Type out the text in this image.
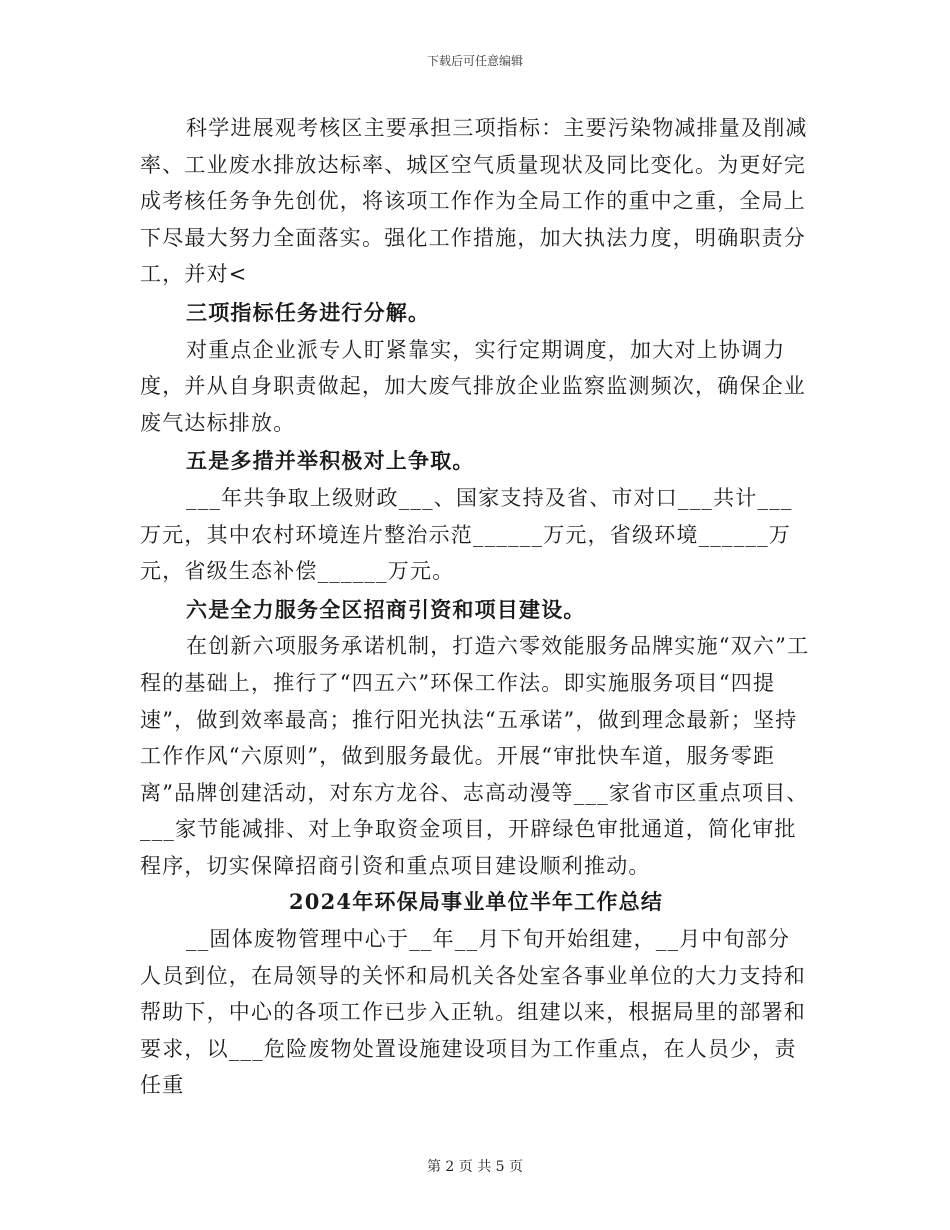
下载后可任意编辑

科学进展观考核区主要承担三项指标：主要污染物减排量及削减率、工业废水排放达标率、城区空气质量现状及同比变化。为更好完成考核任务争先创优，将该项工作作为全局工作的重中之重，全局上下尽最大努力全面落实。强化工作措施，加大执法力度，明确职责分工，并对<

三项指标任务进行分解。

对重点企业派专人盯紧靠实，实行定期调度，加大对上协调力度，并从自身职责做起，加大废气排放企业监察监测频次，确保企业废气达标排放。

五是多措并举积极对上争取。

___年共争取上级财政___、国家支持及省、市对口___共计___万元，其中农村环境连片整治示范______万元，省级环境______万元，省级生态补偿______万元。

六是全力服务全区招商引资和项目建设。

在创新六项服务承诺机制，打造六零效能服务品牌实施“双六”工程的基础上，推行了“四五六”环保工作法。即实施服务项目“四提速”，做到效率最高；推行阳光执法“五承诺”，做到理念最新；坚持工作作风“六原则”，做到服务最优。开展“审批快车道，服务零距离”品牌创建活动，对东方龙谷、志高动漫等___家省市区重点项目、___家节能减排、对上争取资金项目，开辟绿色审批通道，简化审批程序，切实保障招商引资和重点项目建设顺利推动。

2024年环保局事业单位半年工作总结

__固体废物管理中心于__年__月下旬开始组建，__月中旬部分人员到位，在局领导的关怀和局机关各处室各事业单位的大力支持和帮助下，中心的各项工作已步入正轨。组建以来，根据局里的部署和要求，以___危险废物处置设施建设项目为工作重点，在人员少，责任重

第 2 页 共 5 页
